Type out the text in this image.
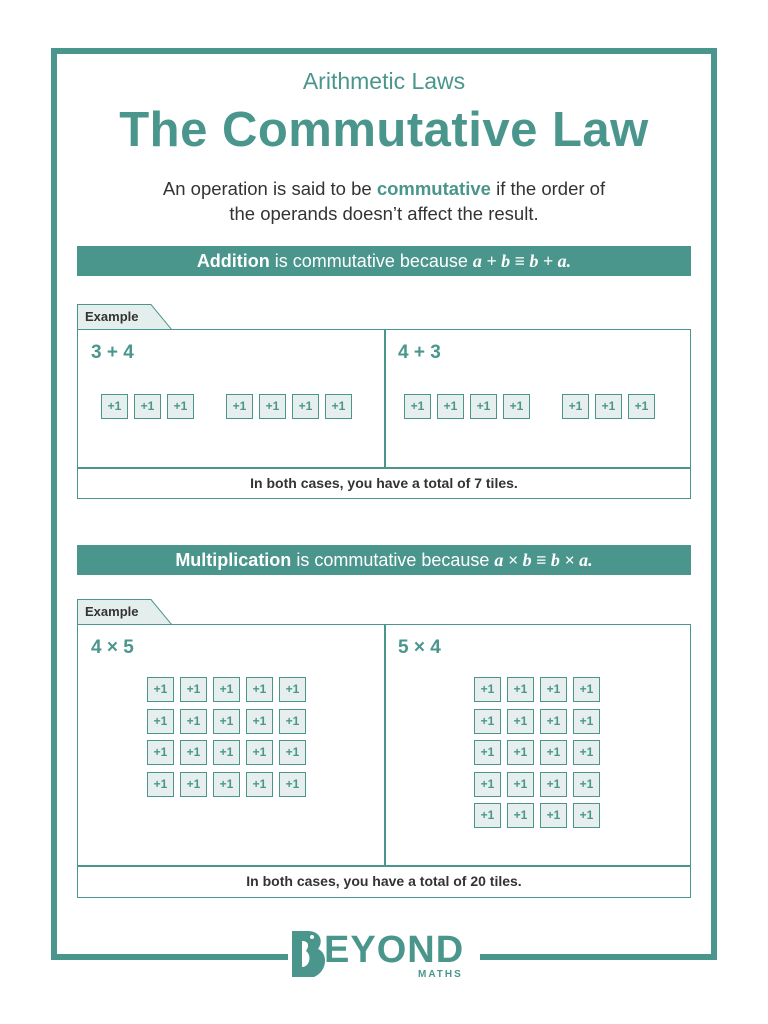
Arithmetic Laws
The Commutative Law
An operation is said to be commutative if the order of
the operands doesn’t affect the result.
Addition is commutative because a + b ≡ b + a.
Example
3 + 4	4 + 3
+1	+1	+1	+1	+1	+1	+1	+1	+1	+1	+1	+1	+1	+1
In both cases, you have a total of 7 tiles.
Multiplication is commutative because a × b ≡ b × a.
Example
4 × 5	5 × 4
+1	+1	+1	+1	+1
+1	+1	+1	+1	+1
+1	+1	+1	+1	+1
+1	+1	+1	+1	+1
+1	+1	+1	+1
+1	+1	+1	+1
+1	+1	+1	+1
+1	+1	+1	+1
+1	+1	+1	+1
In both cases, you have a total of 20 tiles.
EYOND
MATHS
